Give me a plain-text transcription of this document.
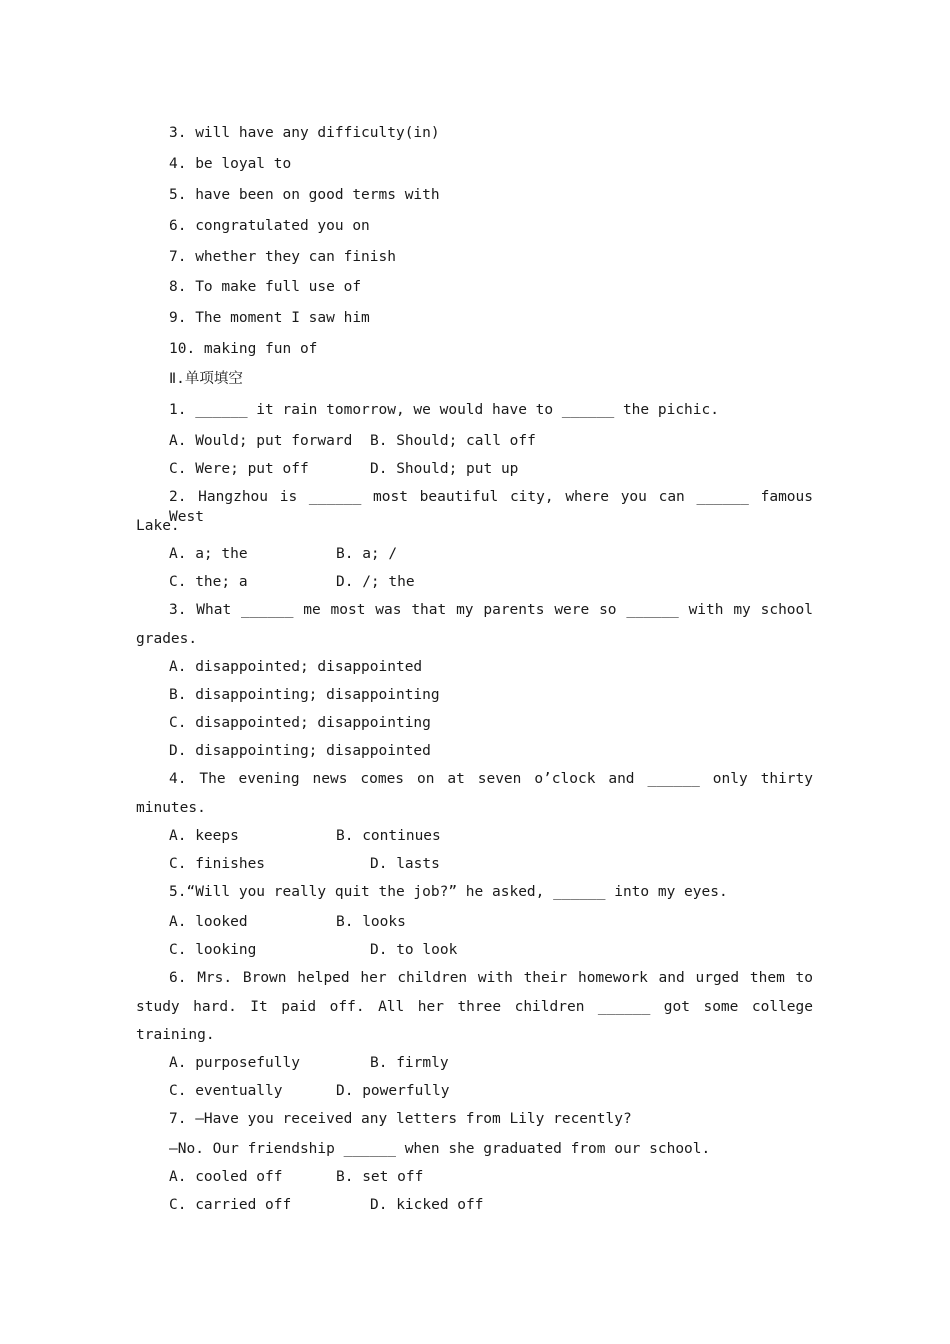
3. will have any difficulty(in)
4. be loyal to
5. have been on good terms with
6. congratulated you on
7. whether they can finish
8. To make full use of
9. The moment I saw him
10. making fun of
Ⅱ.单项填空
1. ______ it rain tomorrow, we would have to ______ the pichic.
A. Would; put forward B. Should; call off
C. Were; put off	D. Should; put up
2. Hangzhou is ______ most beautiful city, where you can ______ famous West
Lake.
A. a; the	B. a; /
C. the; a	D. /; the
3. What ______ me most was that my parents were so ______ with my school
grades.
A. disappointed; disappointed
B. disappointing; disappointing
C. disappointed; disappointing
D. disappointing; disappointed
4. The evening news comes on at seven o’clock and ______ only thirty
minutes.
A. keeps	B. continues
C. finishes	D. lasts
5.“Will you really quit the job?” he asked, ______ into my eyes.
A. looked	B. looks
C. looking	D. to look
6. Mrs. Brown helped her children with their homework and urged them to
study hard. It paid off. All her three children ______ got some college
training.
A. purposefully	B. firmly
C. eventually	D. powerfully
7. —Have you received any letters from Lily recently?
—No. Our friendship ______ when she graduated from our school.
A. cooled off	B. set off
C. carried off	D. kicked off
